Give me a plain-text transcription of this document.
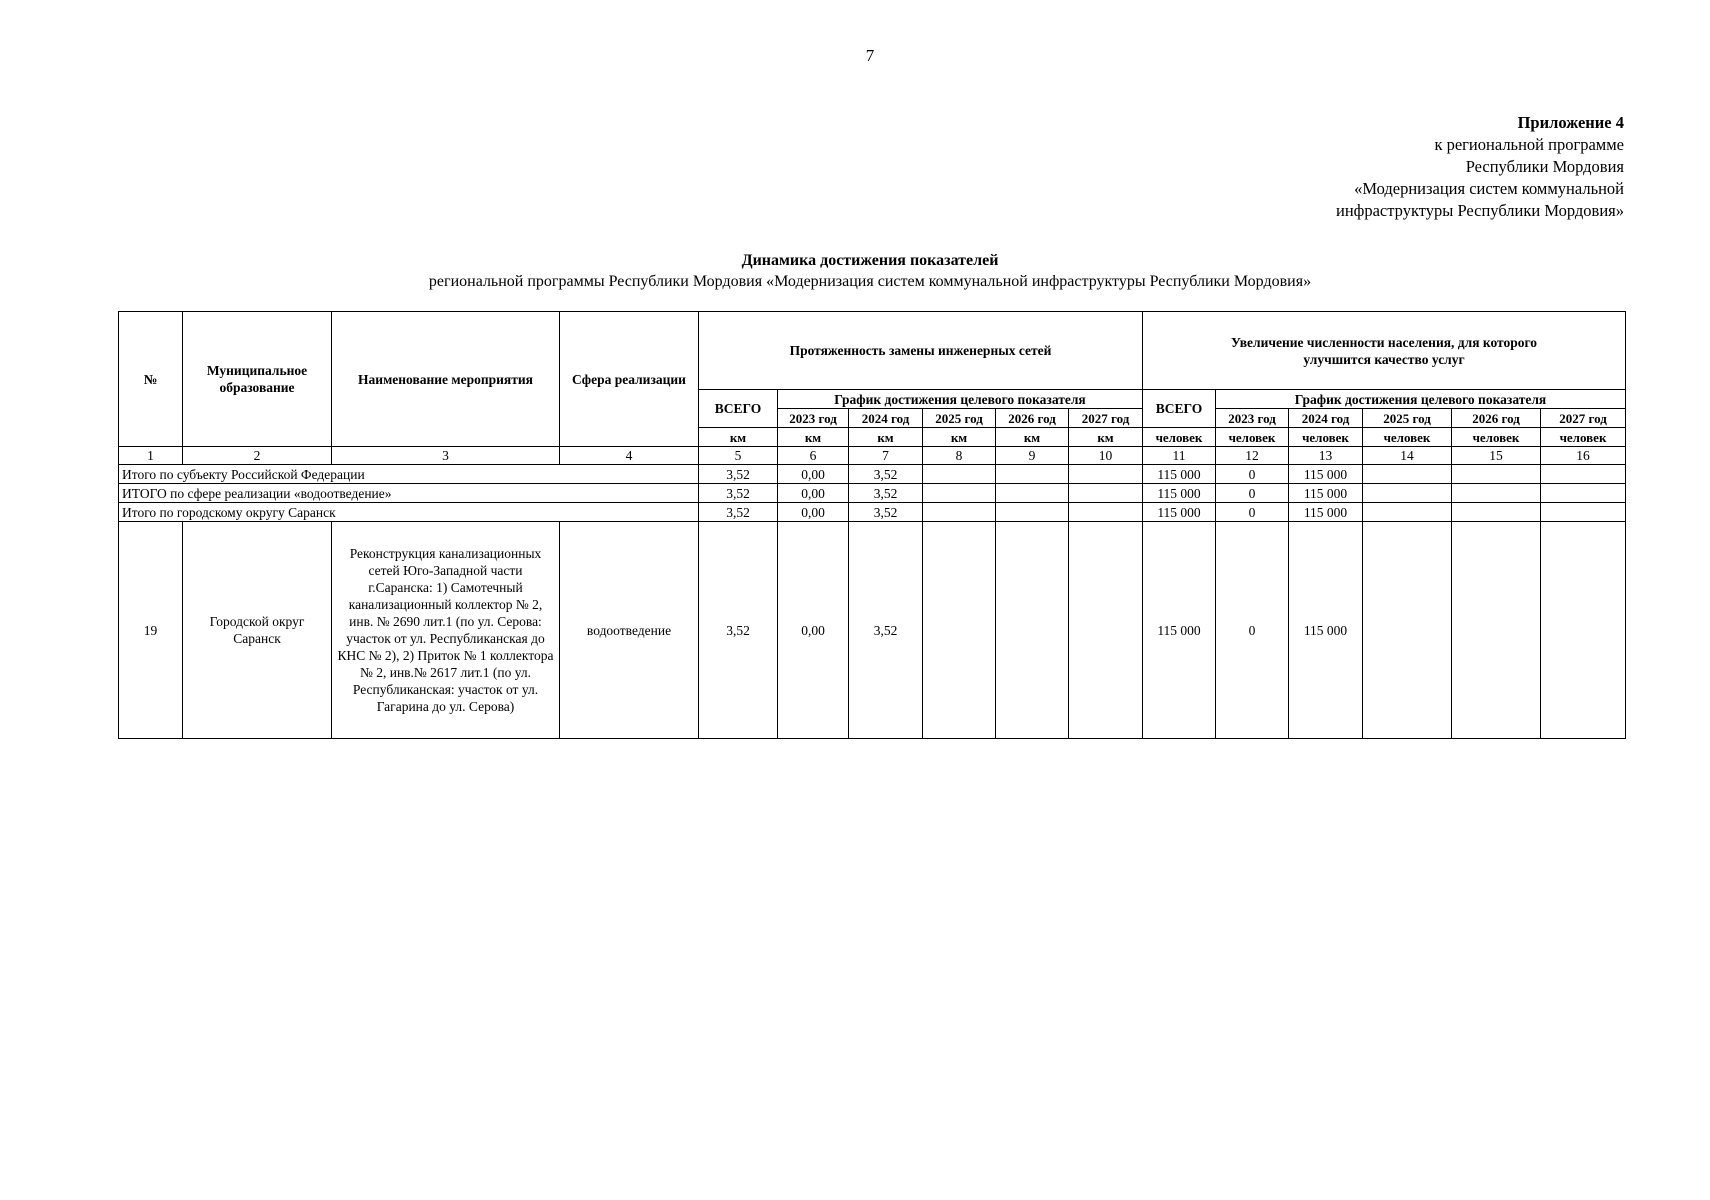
7
Приложение 4
к региональной программе
Республики Мордовия
«Модернизация систем коммунальной
инфраструктуры Республики Мордовия»
Динамика достижения показателей
региональной программы Республики Мордовия «Модернизация систем коммунальной инфраструктуры Республики Мордовия»
№	Муниципальное образование	Наименование мероприятия	Сфера реализации	Протяженность замены инженерных сетей						Увеличение численности населения, для которого улучшится качество услуг					
				ВСЕГО	График достижения целевого показателя					ВСЕГО	График достижения целевого показателя				
					2023 год	2024 год	2025 год	2026 год	2027 год		2023 год	2024 год	2025 год	2026 год	2027 год
				км	км	км	км	км	км	человек	человек	человек	человек	человек	человек
1	2	3	4	5	6	7	8	9	10	11	12	13	14	15	16
Итого по субъекту Российской Федерации				3,52	0,00	3,52				115 000	0	115 000			
ИТОГО по сфере реализации «водоотведение»				3,52	0,00	3,52				115 000	0	115 000			
Итого по городскому округу Саранск				3,52	0,00	3,52				115 000	0	115 000			
19	Городской округ Саранск	Реконструкция канализационных сетей Юго-Западной части г.Саранска: 1) Самотечный канализационный коллектор № 2, инв. № 2690 лит.1 (по ул. Серова: участок от ул. Республиканская до КНС № 2), 2) Приток № 1 коллектора № 2, инв.№ 2617 лит.1 (по ул. Республиканская: участок от ул. Гагарина до ул. Серова)	водоотведение	3,52	0,00	3,52				115 000	0	115 000			
